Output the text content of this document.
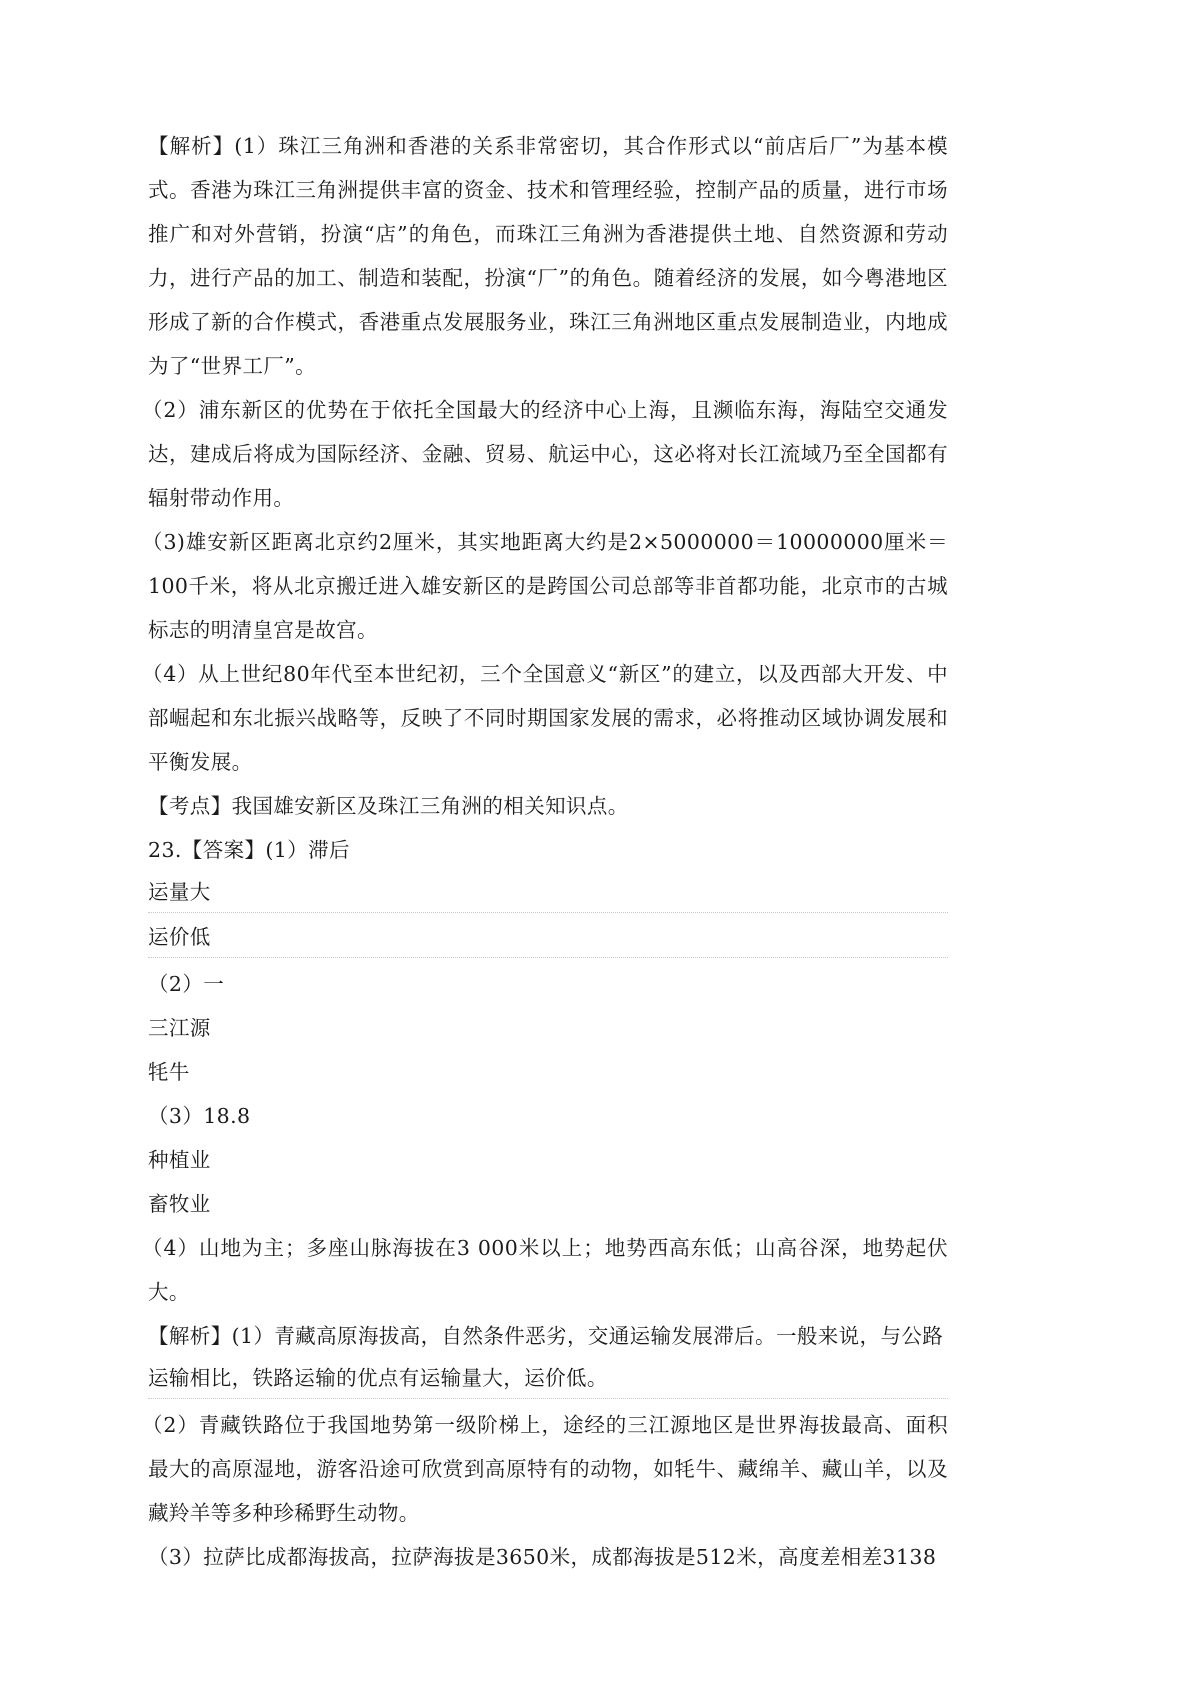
【解析】(1）珠江三角洲和香港的关系非常密切，其合作形式以“前店后厂”为基本模式。香港为珠江三角洲提供丰富的资金、技术和管理经验，控制产品的质量，进行市场推广和对外营销，扮演“店”的角色，而珠江三角洲为香港提供土地、自然资源和劳动力，进行产品的加工、制造和装配，扮演“厂”的角色。随着经济的发展，如今粤港地区形成了新的合作模式，香港重点发展服务业，珠江三角洲地区重点发展制造业，内地成为了“世界工厂”。

（2）浦东新区的优势在于依托全国最大的经济中心上海，且濒临东海，海陆空交通发达，建成后将成为国际经济、金融、贸易、航运中心，这必将对长江流域乃至全国都有辐射带动作用。

（3)雄安新区距离北京约2厘米，其实地距离大约是2×5000000＝10000000厘米＝100千米，将从北京搬迁进入雄安新区的是跨国公司总部等非首都功能，北京市的古城标志的明清皇宫是故宫。

（4）从上世纪80年代至本世纪初，三个全国意义“新区”的建立，以及西部大开发、中部崛起和东北振兴战略等，反映了不同时期国家发展的需求，必将推动区域协调发展和平衡发展。

【考点】我国雄安新区及珠江三角洲的相关知识点。

23.【答案】(1）滞后

运量大

运价低

（2）一

三江源

牦牛

（3）18.8

种植业

畜牧业

（4）山地为主；多座山脉海拔在3 000米以上；地势西高东低；山高谷深，地势起伏大。

【解析】(1）青藏高原海拔高，自然条件恶劣，交通运输发展滞后。一般来说，与公路

运输相比，铁路运输的优点有运输量大，运价低。

（2）青藏铁路位于我国地势第一级阶梯上，途经的三江源地区是世界海拔最高、面积最大的高原湿地，游客沿途可欣赏到高原特有的动物，如牦牛、藏绵羊、藏山羊，以及藏羚羊等多种珍稀野生动物。

（3）拉萨比成都海拔高，拉萨海拔是3650米，成都海拔是512米，高度差相差3138
